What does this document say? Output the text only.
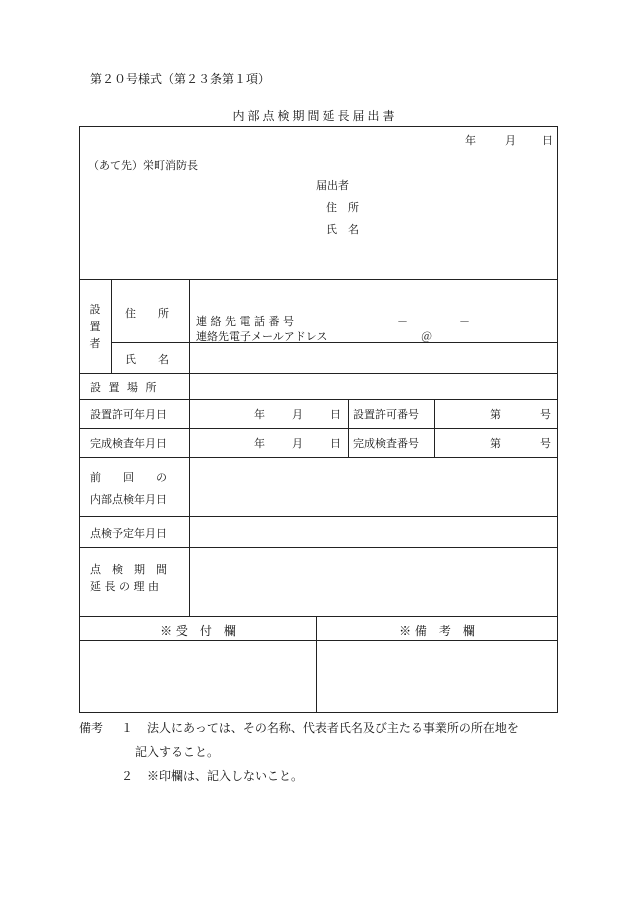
第２０号様式（第２３条第１項）
内部点検期間延長届出書
年	月 日
（あて先）栄町消防長
届出者
住　所
氏　名
設
置
者
住　　所
連 絡 先 電 話 番 号	－	－
連絡先電子メールアドレス	＠
氏　　名
設 置 場 所
設置許可年月日	年 月 日 設置許可番号	第	号
完成検査年月日	年 月 日 完成検査番号	第	号
前　　回　　の
内部点検年月日
点検予定年月日
点　検　期　間
延 長 の 理 由
※ 受　付　欄	※ 備　考　欄
備考 １ 法人にあっては、その名称、代表者氏名及び主たる事業所の所在地を
記入すること。
２ ※印欄は、記入しないこと。
